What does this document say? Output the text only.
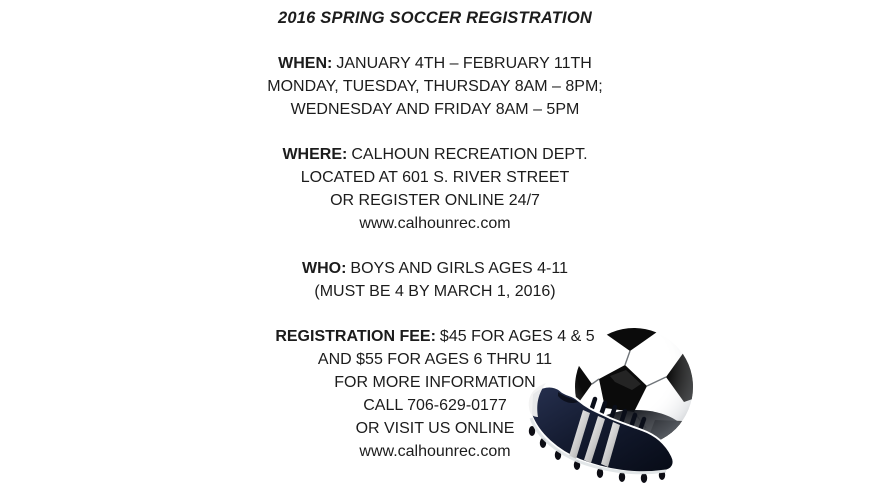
2016 SPRING SOCCER REGISTRATION
WHEN: JANUARY 4TH – FEBRUARY 11TH
MONDAY, TUESDAY, THURSDAY 8AM – 8PM;
WEDNESDAY AND FRIDAY 8AM – 5PM
WHERE: CALHOUN RECREATION DEPT.
LOCATED AT 601 S. RIVER STREET
OR REGISTER ONLINE 24/7
www.calhounrec.com
WHO: BOYS AND GIRLS AGES 4-11
(MUST BE 4 BY MARCH 1, 2016)
REGISTRATION FEE: $45 FOR AGES 4 & 5
AND $55 FOR AGES 6 THRU 11
FOR MORE INFORMATION
CALL 706-629-0177
OR VISIT US ONLINE
www.calhounrec.com
